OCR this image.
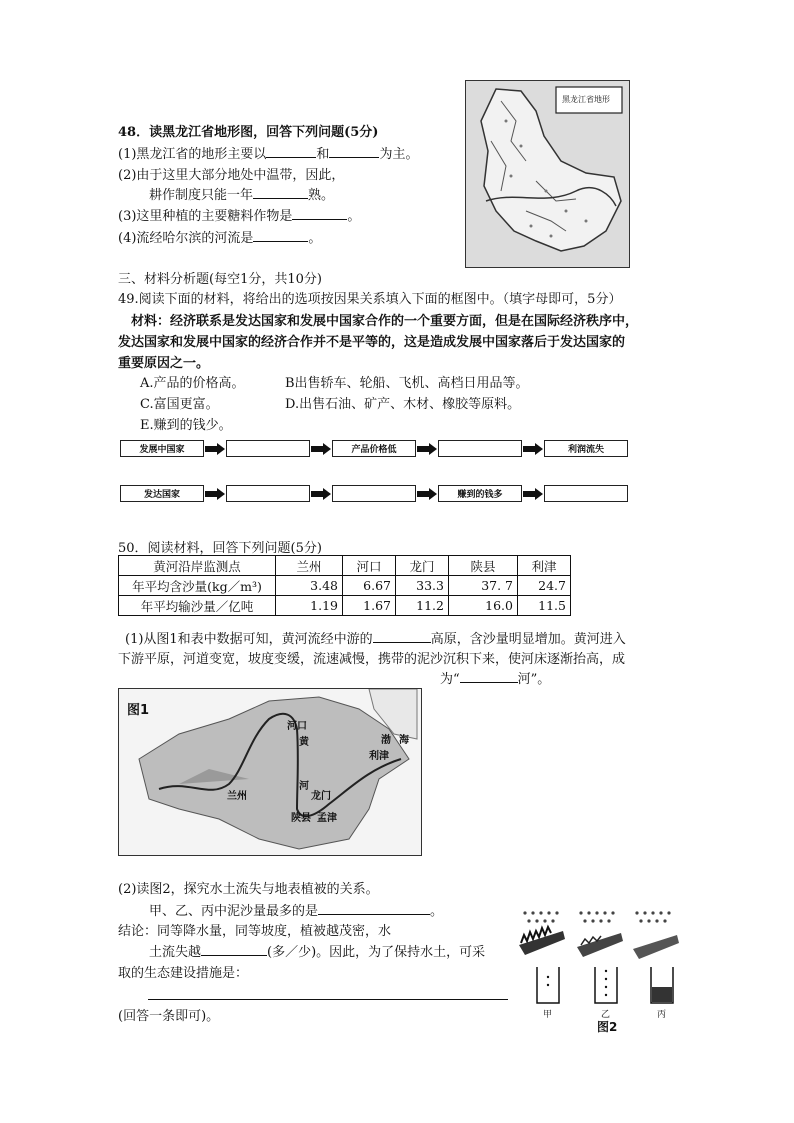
48．读黑龙江省地形图，回答下列问题(5分)
(1)黑龙江省的地形主要以	和	为主。
(2)由于这里大部分地处中温带，因此，
耕作制度只能一年	熟。
(3)这里种植的主要糖料作物是	。
(4)流经哈尔滨的河流是	。
黑龙江省地形
三、材料分析题(每空1分，共10分)
49.阅读下面的材料，将给出的选项按因果关系填入下面的框图中。（填字母即可，5分）
材料：经济联系是发达国家和发展中国家合作的一个重要方面，但是在国际经济秩序中，
发达国家和发展中国家的经济合作并不是平等的，这是造成发展中国家落后于发达国家的
重要原因之一。
A.产品的价格高。	B出售轿车、轮船、飞机、高档日用品等。
C.富国更富。	D.出售石油、矿产、木材、橡胶等原料。
E.赚到的钱少。
发展中国家	产品价格低	利润流失
发达国家	赚到的钱多
50．阅读材料，回答下列问题(5分)
黄河沿岸监测点	兰州	河口	龙门	陕县	利津
年平均含沙量(kg／m³)	3.48	6.67	33.3	37. 7	24.7
年平均输沙量／亿吨	1.19	1.67	11.2	16.0	11.5
(1)从图1和表中数据可知，黄河流经中游的	高原，含沙量明显增加。黄河进入
下游平原，河道变宽，坡度变缓，流速减慢，携带的泥沙沉积下来，使河床逐渐抬高，成
为“	河”。
图1
河口
黄
河
渤 海
利津
兰州	龙门
陕县 孟津
(2)读图2，探究水土流失与地表植被的关系。
甲、乙、丙中泥沙量最多的是	。
结论：同等降水量，同等坡度，植被越茂密，水
土流失越	(多／少)。因此，为了保持水土，可采
取的生态建设措施是：
(回答一条即可)。	甲	乙	丙
图2
